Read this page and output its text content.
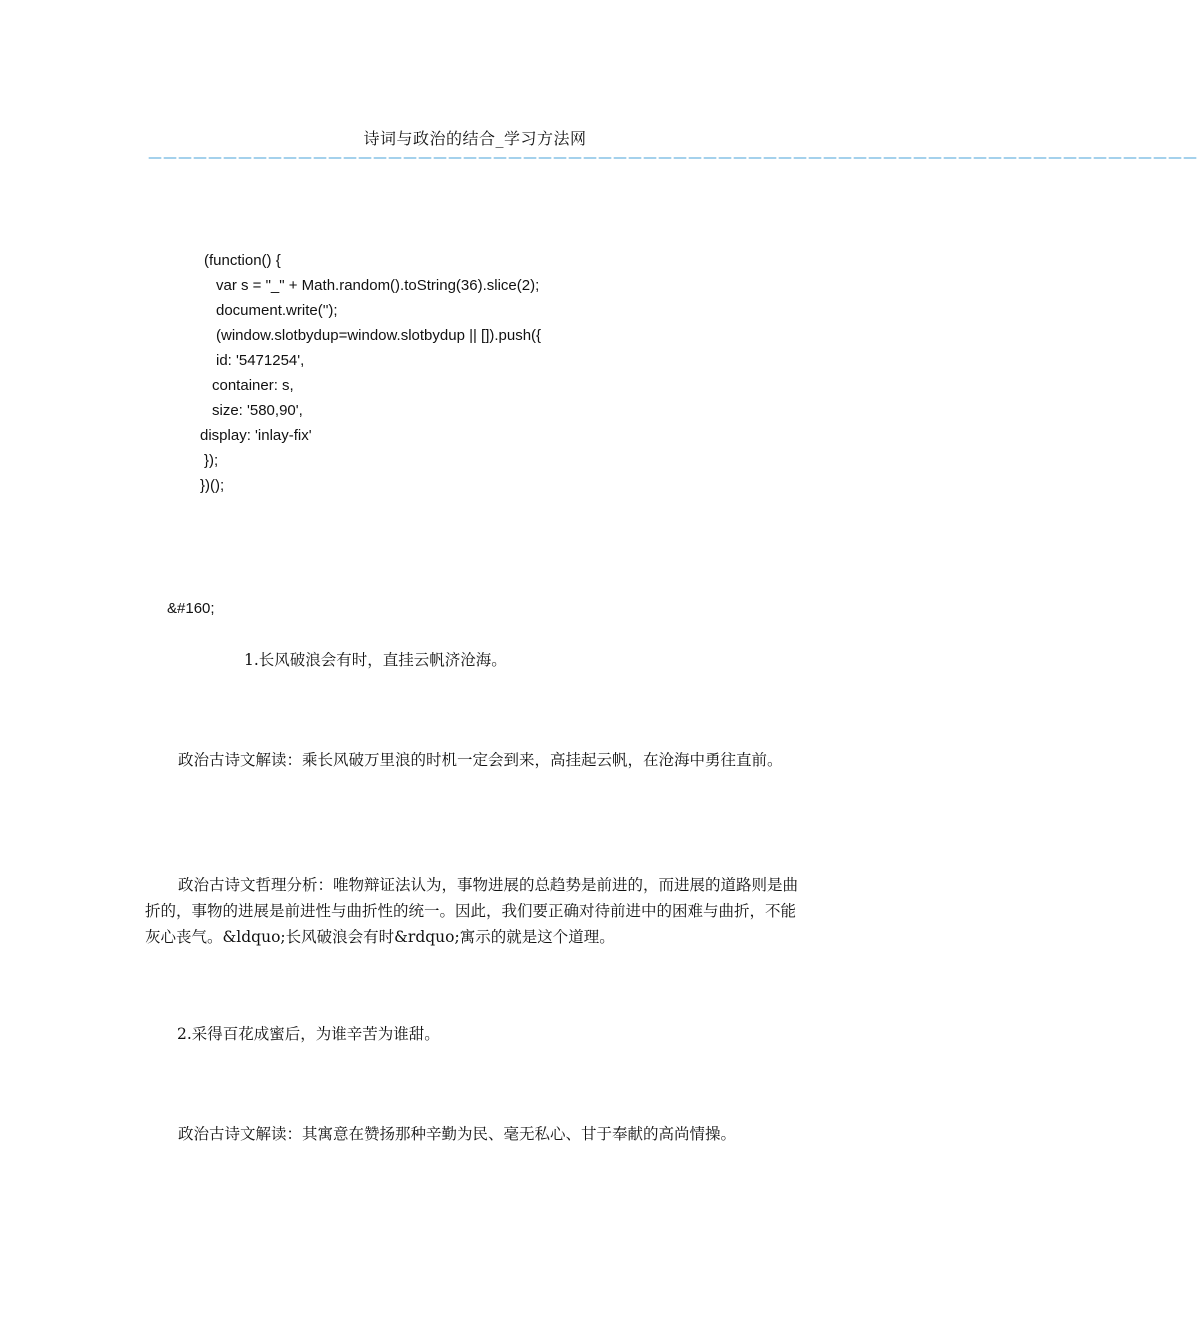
诗词与政治的结合_学习方法网
——————————————————————————————————————————————————————————————————————
(function() {
var s = "_" + Math.random().toString(36).slice(2);
document.write('');
(window.slotbydup=window.slotbydup || []).push({
id: '5471254',
container: s,
size: '580,90',
display: 'inlay-fix'
});
})();
&#160;
1.长风破浪会有时，直挂云帆济沧海。
政治古诗文解读：乘长风破万里浪的时机一定会到来，高挂起云帆，在沧海中勇往直前。
政治古诗文哲理分析：唯物辩证法认为，事物进展的总趋势是前进的，而进展的道路则是曲折的，事物的进展是前进性与曲折性的统一。因此，我们要正确对待前进中的困难与曲折，不能灰心丧气。&ldquo;长风破浪会有时&rdquo;寓示的就是这个道理。
2.采得百花成蜜后，为谁辛苦为谁甜。
政治古诗文解读：其寓意在赞扬那种辛勤为民、毫无私心、甘于奉献的高尚情操。
